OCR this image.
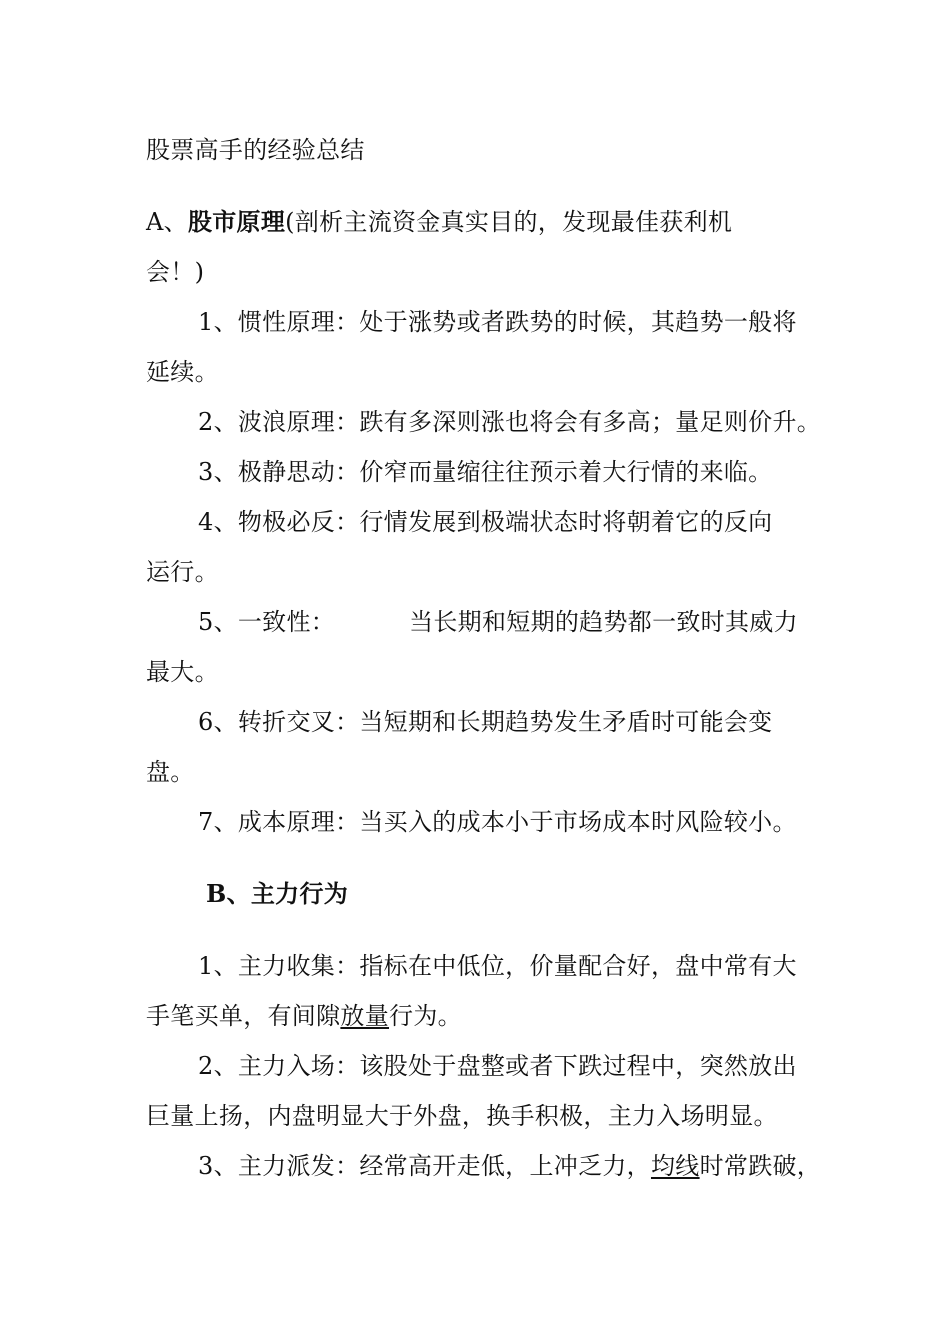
股票高手的经验总结
A、股市原理(剖析主流资金真实目的，发现最佳获利机
会！)
1、惯性原理：处于涨势或者跌势的时候，其趋势一般将
延续。
2、波浪原理：跌有多深则涨也将会有多高；量足则价升。
3、极静思动：价窄而量缩往往预示着大行情的来临。
4、物极必反：行情发展到极端状态时将朝着它的反向
运行。
5、一致性：	当长期和短期的趋势都一致时其威力
最大。
6、转折交叉：当短期和长期趋势发生矛盾时可能会变
盘。
7、成本原理：当买入的成本小于市场成本时风险较小。
B、主力行为
1、主力收集：指标在中低位，价量配合好，盘中常有大
手笔买单，有间隙放量行为。
2、主力入场：该股处于盘整或者下跌过程中，突然放出
巨量上扬，内盘明显大于外盘，换手积极，主力入场明显。
3、主力派发：经常高开走低，上冲乏力，均线时常跌破，
